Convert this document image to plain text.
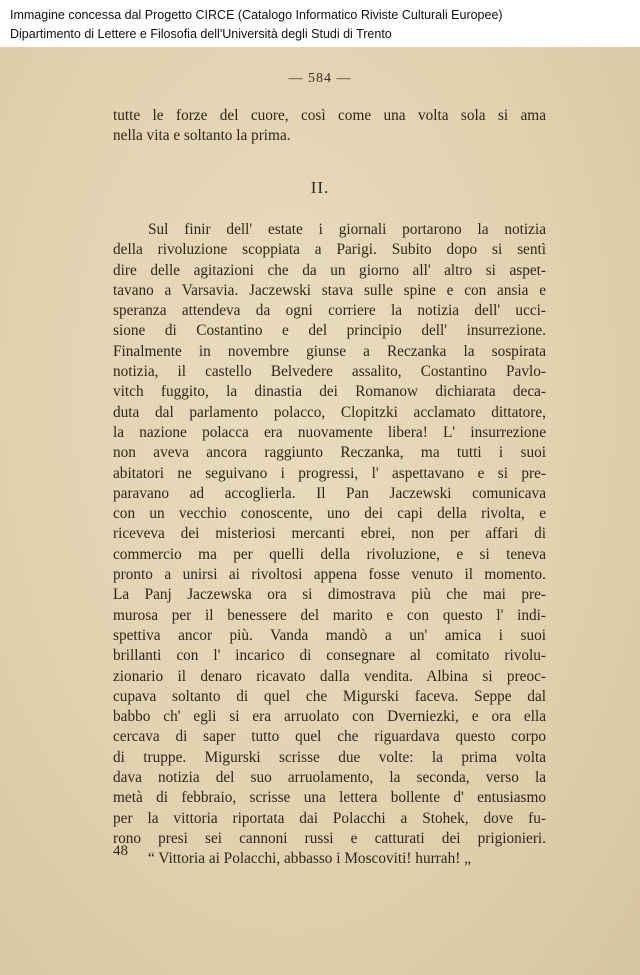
Immagine concessa dal Progetto CIRCE (Catalogo Informatico Riviste Culturali Europee)
Dipartimento di Lettere e Filosofia dell'Università degli Studi di Trento
— 584 —
tutte le forze del cuore, così come una volta sola si ama
nella vita e soltanto la prima.
II.
Sul finir dell' estate i giornali portarono la notizia
della rivoluzione scoppiata a Parigi. Subito dopo si sentì
dire delle agitazioni che da un giorno all' altro si aspet-
tavano a Varsavia. Jaczewski stava sulle spine e con ansia e
speranza attendeva da ogni corriere la notizia dell' ucci-
sione di Costantino e del principio dell' insurrezione.
Finalmente in novembre giunse a Reczanka la sospirata
notizia, il castello Belvedere assalito, Costantino Pavlo-
vitch fuggito, la dinastia dei Romanow dichiarata deca-
duta dal parlamento polacco, Clopitzki acclamato dittatore,
la nazione polacca era nuovamente libera! L' insurrezione
non aveva ancora raggiunto Reczanka, ma tutti i suoi
abitatori ne seguivano i progressi, l' aspettavano e si pre-
paravano ad accoglierla. Il Pan Jaczewski comunicava
con un vecchio conoscente, uno dei capi della rivolta, e
riceveva dei misteriosi mercanti ebrei, non per affari di
commercio ma per quelli della rivoluzione, e si teneva
pronto a unirsi ai rivoltosi appena fosse venuto il momento.
La Panj Jaczewska ora si dimostrava più che mai pre-
murosa per il benessere del marito e con questo l' indi-
spettiva ancor più. Vanda mandò a un' amica i suoi
brillanti con l' incarico di consegnare al comitato rivolu-
zionario il denaro ricavato dalla vendita. Albina si preoc-
cupava soltanto di quel che Migurski faceva. Seppe dal
babbo ch' egli si era arruolato con Dverniezki, e ora ella
cercava di saper tutto quel che riguardava questo corpo
di truppe. Migurski scrisse due volte: la prima volta
dava notizia del suo arruolamento, la seconda, verso la
metà di febbraio, scrisse una lettera bollente d' entusiasmo
per la vittoria riportata dai Polacchi a Stohek, dove fu-
rono presi sei cannoni russi e catturati dei prigionieri.
“ Vittoria ai Polacchi, abbasso i Moscoviti! hurrah! „
48
